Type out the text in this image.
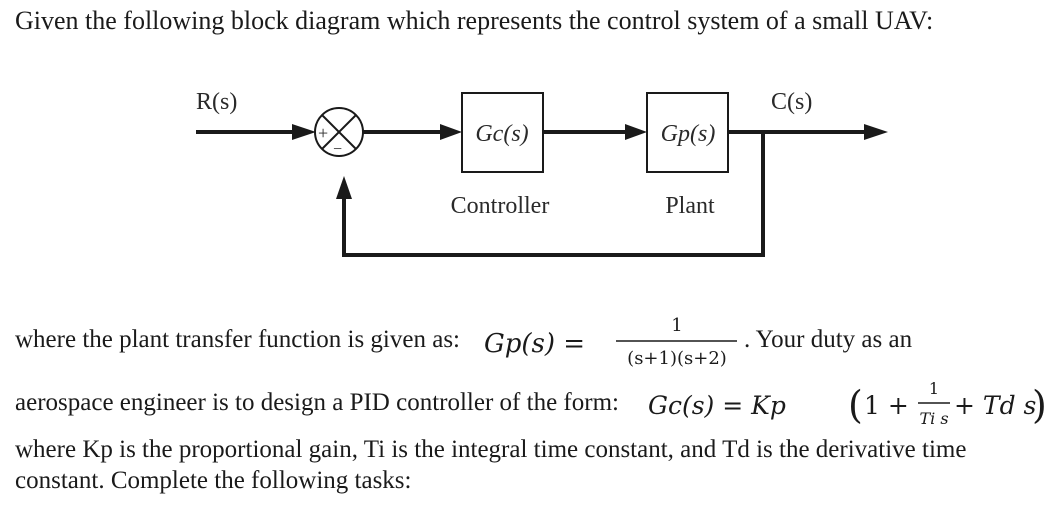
Given the following block diagram which represents the control system of a small UAV:
R(s)
+
−
Gc(s)
Controller
Gp(s)
Plant
C(s)
where the plant transfer function is given as: Gp(s) =
1
(s+1)(s+2)
. Your duty as an
aerospace engineer is to design a PID controller of the form: Gc(s) = Kp ( 1 +
1
Ti s + Td s
)
where Kp is the proportional gain, Ti is the integral time constant, and Td is the derivative time
constant. Complete the following tasks:
